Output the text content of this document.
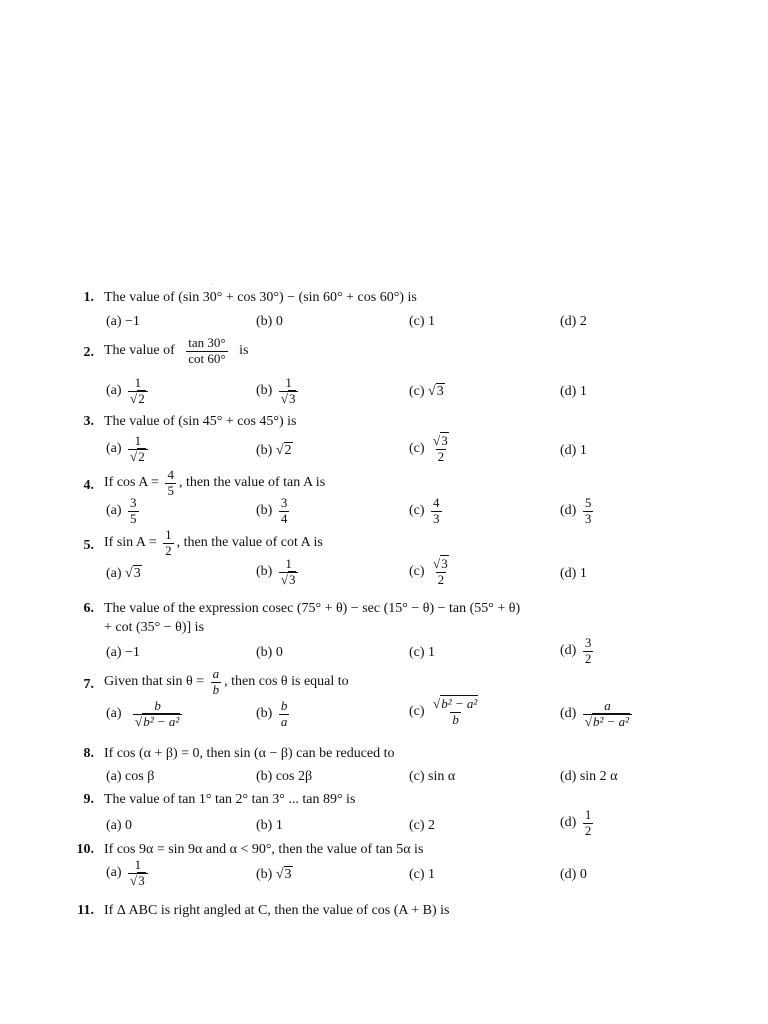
,
1. The value of (sin 30° + cos 30°) − (sin 60° + cos 60°) is
(a) −1	(b) 0	(c) 1	(d) 2
2. The value of $\frac{\tan 30^\circ}{\cot 60^\circ}$ is
$(a) \frac{1}{√2}$	$(b) \frac{1}{√3}$	(c) √3	(d) 1
3. The value of (sin 45° + cos 45°) is
$(a) \frac{1}{√2}$	(b) √2	$(c) \frac{√3}{2}$	(d) 1
4. If $\cos A = \frac{4}{5}$ , then the value of tan A is
$(a) \frac{3}{5}$	$(b) \frac{3}{4}$	$(c) \frac{4}{3}$	$(d) \frac{5}{3}$
5. If $\sin A = \frac{1}{2}$ , then the value of cot A is
(a) √3	$(b) \frac{1}{√3}$	$(c) \frac{√3}{2}$	(d) 1
6. The value of the expression cosec (75° + θ) − sec (15° − θ) − tan (55° + θ)
+ cot (35° − θ)] is
(a) −1	(b) 0	(c) 1	$(d) \frac{3}{2}$
7. Given that $\sin \theta = \frac{a}{b}$ , then cos θ is equal to
$(a) \frac{b}{\text{√b² − a²}}$	$(b) \frac{b}{a}$	$(c) \frac{\text{√b² − a²}}{b}$	$(d) \frac{a}{\text{√b² − a²}}$
8. If cos (α + β) = 0, then sin (α − β) can be reduced to
(a) cos β	(b) cos 2β	(c) sin α	(d) sin 2 α
9. The value of tan 1° tan 2° tan 3° ... tan 89° is
(a) 0	(b) 1	(c) 2	$(d) \frac{1}{2}$
10. If cos 9α = sin 9α and α < 90°, then the value of tan 5α is
$(a) \frac{1}{√3}$	(b) √3	(c) 1	(d) 0
11. If Δ ABC is right angled at C, then the value of cos (A + B) is
